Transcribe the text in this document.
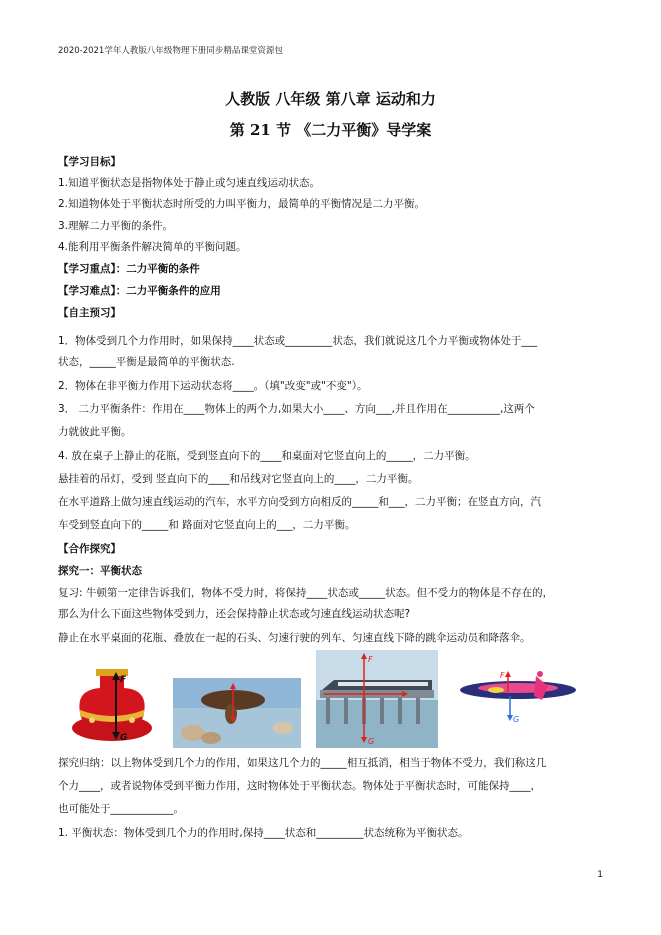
2020-2021学年人教版八年级物理下册同步精品课堂资源包
人教版 八年级 第八章 运动和力
第 21 节 《二力平衡》导学案
【学习目标】
1.知道平衡状态是指物体处于静止或匀速直线运动状态。
2.知道物体处于平衡状态时所受的力叫平衡力，最简单的平衡情况是二力平衡。
3.理解二力平衡的条件。
4.能利用平衡条件解决简单的平衡问题。
【学习重点】：二力平衡的条件
【学习难点】：二力平衡条件的应用
【自主预习】
1．物体受到几个力作用时，如果保持____状态或_________状态，我们就说这几个力平衡或物体处于___
状态，_____平衡是最简单的平衡状态.
2．物体在非平衡力作用下运动状态将____。（填"改变"或"不变"）。
3． 二力平衡条件：作用在____物体上的两个力,如果大小____、方向___,并且作用在__________,这两个
力就彼此平衡。
4. 放在桌子上静止的花瓶，受到竖直向下的____和桌面对它竖直向上的_____，二力平衡。
悬挂着的吊灯，受到 竖直向下的____和吊线对它竖直向上的____，二力平衡。
在水平道路上做匀速直线运动的汽车，水平方向受到方向相反的_____和___，二力平衡；在竖直方向，汽
车受到竖直向下的_____和 路面对它竖直向上的___，二力平衡。
【合作探究】
探究一：平衡状态
复习: 牛顿第一定律告诉我们，物体不受力时，将保持____状态或_____状态。但不受力的物体是不存在的，
那么为什么下面这些物体受到力，还会保持静止状态或匀速直线运动状态呢?
静止在水平桌面的花瓶、叠放在一起的石头、匀速行驶的列车、匀速直线下降的跳伞运动员和降落伞。
F
G
F
G
F
G
探究归纳：以上物体受到几个力的作用，如果这几个力的_____相互抵消，相当于物体不受力，我们称这几
个力____，或者说物体受到平衡力作用，这时物体处于平衡状态。物体处于平衡状态时，可能保持____，
也可能处于____________。
1. 平衡状态：物体受到几个力的作用时,保持____状态和_________状态统称为平衡状态。
1
